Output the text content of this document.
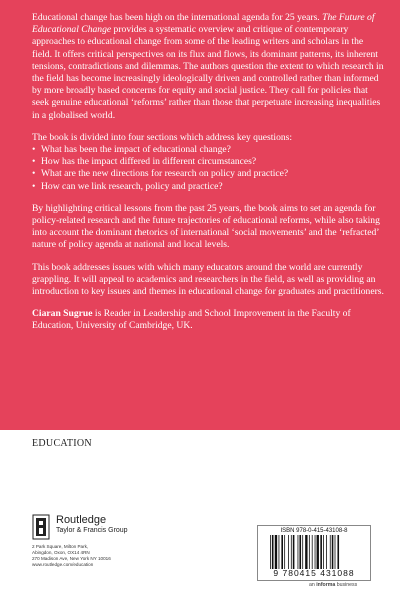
Educational change has been high on the international agenda for 25 years. The Future of Educational Change provides a systematic overview and critique of contemporary approaches to educational change from some of the leading writers and scholars in the field. It offers critical perspectives on its flux and flows, its dominant patterns, its inherent tensions, contradictions and dilemmas. The authors question the extent to which research in the field has become increasingly ideologically driven and controlled rather than informed by more broadly based concerns for equity and social justice. They call for policies that seek genuine educational ‘reforms’ rather than those that perpetuate increasing inequalities in a globalised world.

The book is divided into four sections which address key questions:

• What has been the impact of educational change?
• How has the impact differed in different circumstances?
• What are the new directions for research on policy and practice?
• How can we link research, policy and practice?

By highlighting critical lessons from the past 25 years, the book aims to set an agenda for policy-related research and the future trajectories of educational reforms, while also taking into account the dominant rhetorics of international ‘social movements’ and the ‘refracted’ nature of policy agenda at national and local levels.

This book addresses issues with which many educators around the world are currently grappling. It will appeal to academics and researchers in the field, as well as providing an introduction to key issues and themes in educational change for graduates and practitioners.

Ciaran Sugrue is Reader in Leadership and School Improvement in the Faculty of Education, University of Cambridge, UK.

EDUCATION
Routledge
Taylor & Francis Group
2 Park Square, Milton Park,
Abingdon, Oxon, OX14 4RN
270 Madison Ave, New York NY 10016
www.routledge.com/education
ISBN 978-0-415-43108-8
9 780415 431088
an informa business
